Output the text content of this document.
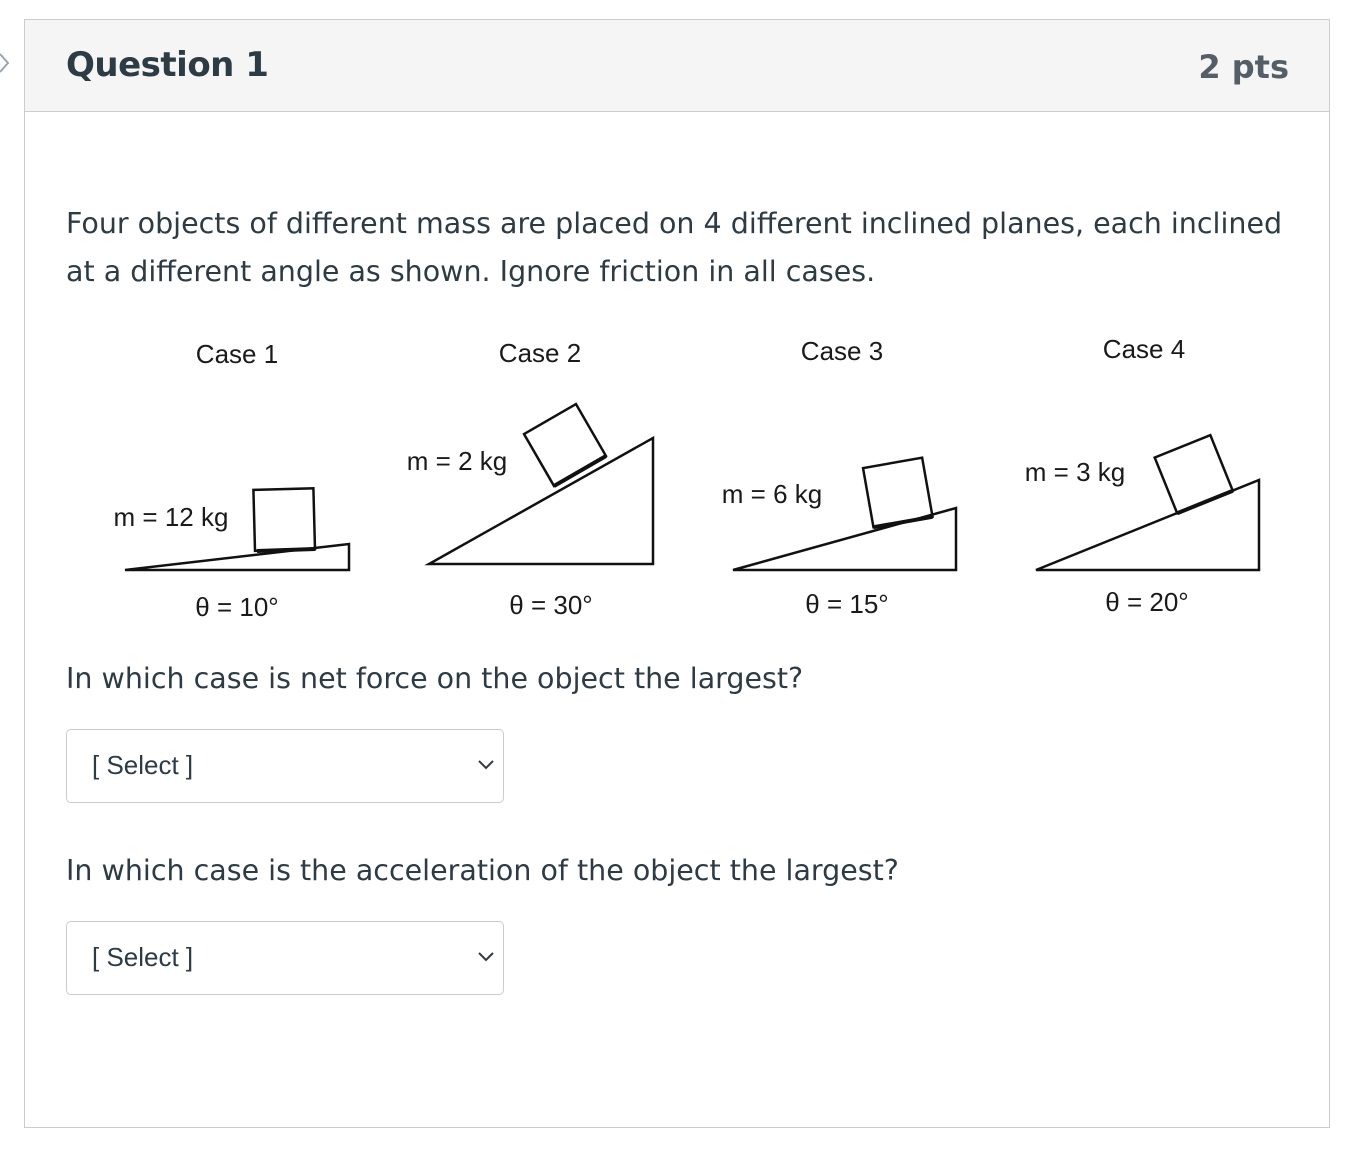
Question 1	2 pts
Four objects of different mass are placed on 4 different inclined planes, each inclined at a different angle as shown. Ignore friction in all cases.
Case 1
m = 12 kg
θ = 10°
Case 2
m = 2 kg
θ = 30°
Case 3
m = 6 kg
θ = 15°
Case 4
m = 3 kg
θ = 20°
In which case is net force on the object the largest?
[ Select ]
In which case is the acceleration of the object the largest?
[ Select ]
